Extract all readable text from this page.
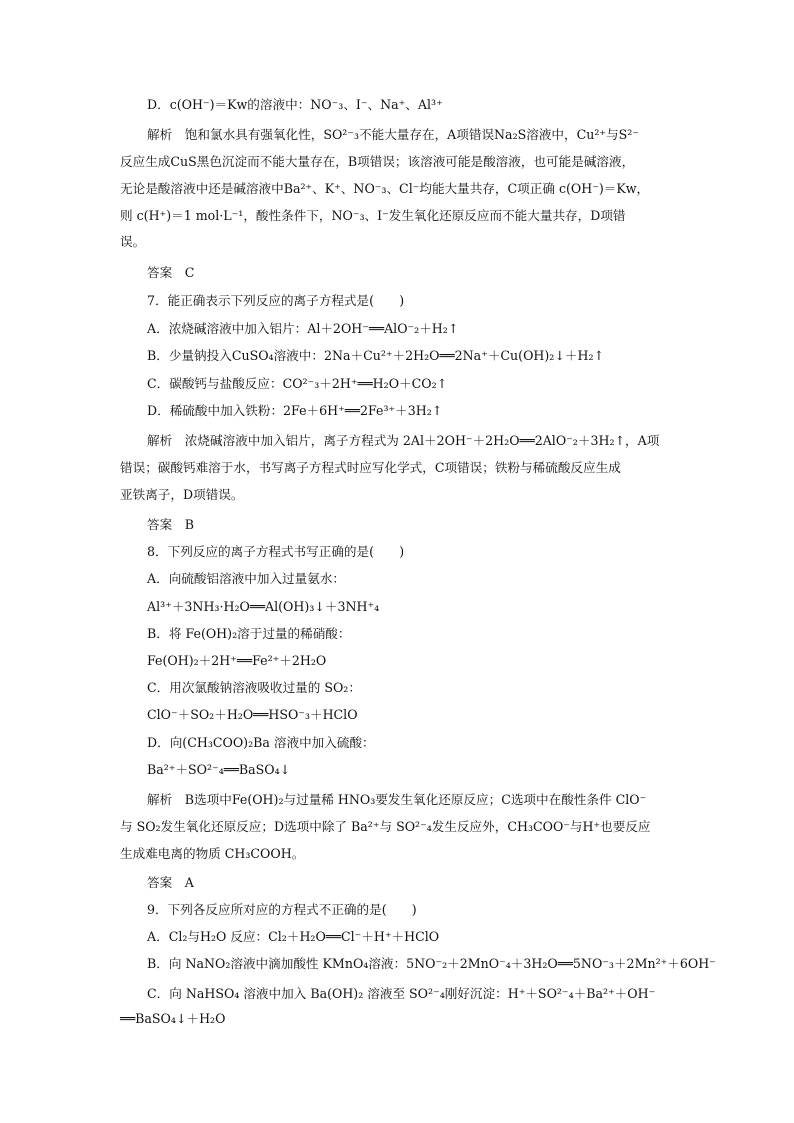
D．c(OH⁻)＝Kw的溶液中：NO⁻₃、I⁻、Na⁺、Al³⁺
解析　饱和氯水具有强氧化性，SO²⁻₃不能大量存在，A项错误Na₂S溶液中，Cu²⁺与S²⁻
反应生成CuS黑色沉淀而不能大量存在，B项错误；该溶液可能是酸溶液，也可能是碱溶液，
无论是酸溶液中还是碱溶液中Ba²⁺、K⁺、NO⁻₃、Cl⁻均能大量共存，C项正确 c(OH⁻)＝Kw，
则 c(H⁺)＝1 mol·L⁻¹，酸性条件下，NO⁻₃、I⁻发生氧化还原反应而不能大量共存，D项错
误。
答案　C
7．能正确表示下列反应的离子方程式是(　　)
A．浓烧碱溶液中加入铝片：Al＋2OH⁻══AlO⁻₂＋H₂↑
B．少量钠投入CuSO₄溶液中：2Na＋Cu²⁺＋2H₂O══2Na⁺＋Cu(OH)₂↓＋H₂↑
C．碳酸钙与盐酸反应：CO²⁻₃＋2H⁺══H₂O＋CO₂↑
D．稀硫酸中加入铁粉：2Fe＋6H⁺══2Fe³⁺＋3H₂↑
解析　浓烧碱溶液中加入铝片，离子方程式为 2Al＋2OH⁻＋2H₂O══2AlO⁻₂＋3H₂↑，A项
错误；碳酸钙难溶于水，书写离子方程式时应写化学式，C项错误；铁粉与稀硫酸反应生成
亚铁离子，D项错误。
答案　B
8．下列反应的离子方程式书写正确的是(　　)
A．向硫酸铝溶液中加入过量氨水：
Al³⁺＋3NH₃·H₂O══Al(OH)₃↓＋3NH⁺₄
B．将 Fe(OH)₂溶于过量的稀硝酸：
Fe(OH)₂＋2H⁺══Fe²⁺＋2H₂O
C．用次氯酸钠溶液吸收过量的 SO₂：
ClO⁻＋SO₂＋H₂O══HSO⁻₃＋HClO
D．向(CH₃COO)₂Ba 溶液中加入硫酸：
Ba²⁺＋SO²⁻₄══BaSO₄↓
解析　B选项中Fe(OH)₂与过量稀 HNO₃要发生氧化还原反应；C选项中在酸性条件 ClO⁻
与 SO₂发生氧化还原反应；D选项中除了 Ba²⁺与 SO²⁻₄发生反应外，CH₃COO⁻与H⁺也要反应
生成难电离的物质 CH₃COOH。
答案　A
9．下列各反应所对应的方程式不正确的是(　　)
A．Cl₂与H₂O 反应：Cl₂＋H₂O══Cl⁻＋H⁺＋HClO
B．向 NaNO₂溶液中滴加酸性 KMnO₄溶液：5NO⁻₂＋2MnO⁻₄＋3H₂O══5NO⁻₃＋2Mn²⁺＋6OH⁻
C．向 NaHSO₄ 溶液中加入 Ba(OH)₂ 溶液至 SO²⁻₄刚好沉淀：H⁺＋SO²⁻₄＋Ba²⁺＋OH⁻
══BaSO₄↓＋H₂O
